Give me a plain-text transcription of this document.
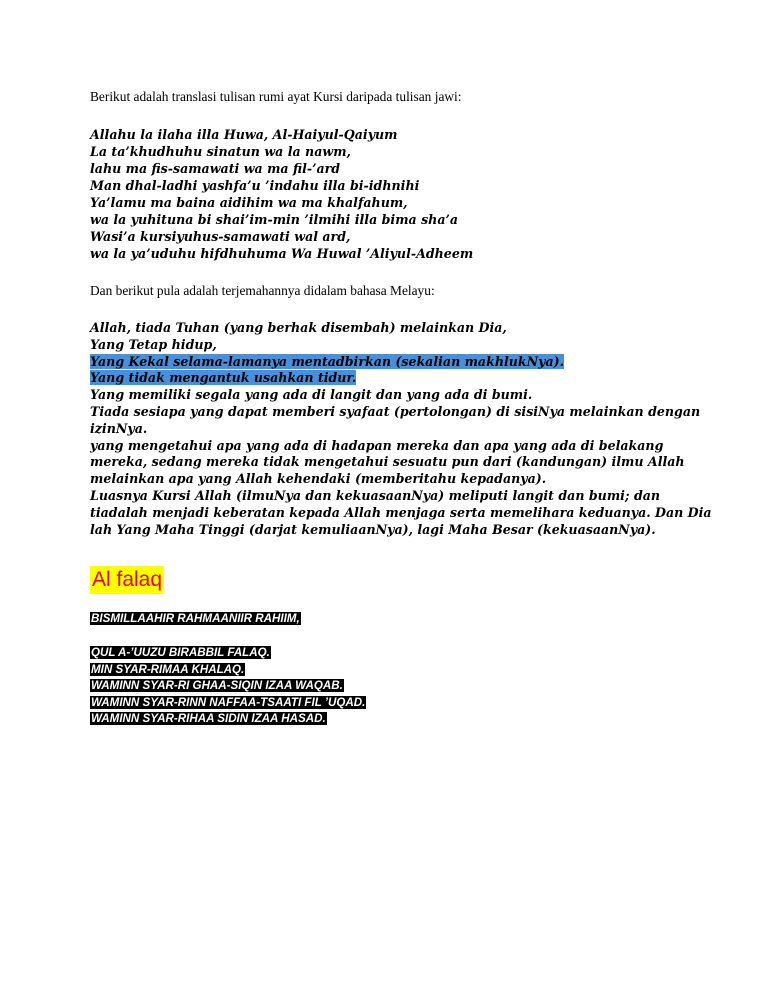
Berikut adalah translasi tulisan rumi ayat Kursi daripada tulisan jawi:

Allahu la ilaha illa Huwa, Al-Haiyul-Qaiyum
La ta’khudhuhu sinatun wa la nawm,
lahu ma fis-samawati wa ma fil-’ard
Man dhal-ladhi yashfa’u ’indahu illa bi-idhnihi
Ya’lamu ma baina aidihim wa ma khalfahum,
wa la yuhituna bi shai’im-min ’ilmihi illa bima sha’a
Wasi’a kursiyuhus-samawati wal ard,
wa la ya’uduhu hifdhuhuma Wa Huwal ’Aliyul-Adheem

Dan berikut pula adalah terjemahannya didalam bahasa Melayu:

Allah, tiada Tuhan (yang berhak disembah) melainkan Dia,
Yang Tetap hidup,
Yang Kekal selama-lamanya mentadbirkan (sekalian makhlukNya).
Yang tidak mengantuk usahkan tidur.
Yang memiliki segala yang ada di langit dan yang ada di bumi.
Tiada sesiapa yang dapat memberi syafaat (pertolongan) di sisiNya melainkan dengan
izinNya.
yang mengetahui apa yang ada di hadapan mereka dan apa yang ada di belakang
mereka, sedang mereka tidak mengetahui sesuatu pun dari (kandungan) ilmu Allah
melainkan apa yang Allah kehendaki (memberitahu kepadanya).
Luasnya Kursi Allah (ilmuNya dan kekuasaanNya) meliputi langit dan bumi; dan
tiadalah menjadi keberatan kepada Allah menjaga serta memelihara keduanya. Dan Dia
lah Yang Maha Tinggi (darjat kemuliaanNya), lagi Maha Besar (kekuasaanNya).
Al falaq
BISMILLAAHIR RAHMAANIIR RAHIIM,
QUL A-’UUZU BIRABBIL FALAQ.
MIN SYAR-RIMAA KHALAQ.
WAMINN SYAR-RI GHAA-SIQIN IZAA WAQAB.
WAMINN SYAR-RINN NAFFAA-TSAATI FIL ’UQAD.
WAMINN SYAR-RIHAA SIDIN IZAA HASAD.
